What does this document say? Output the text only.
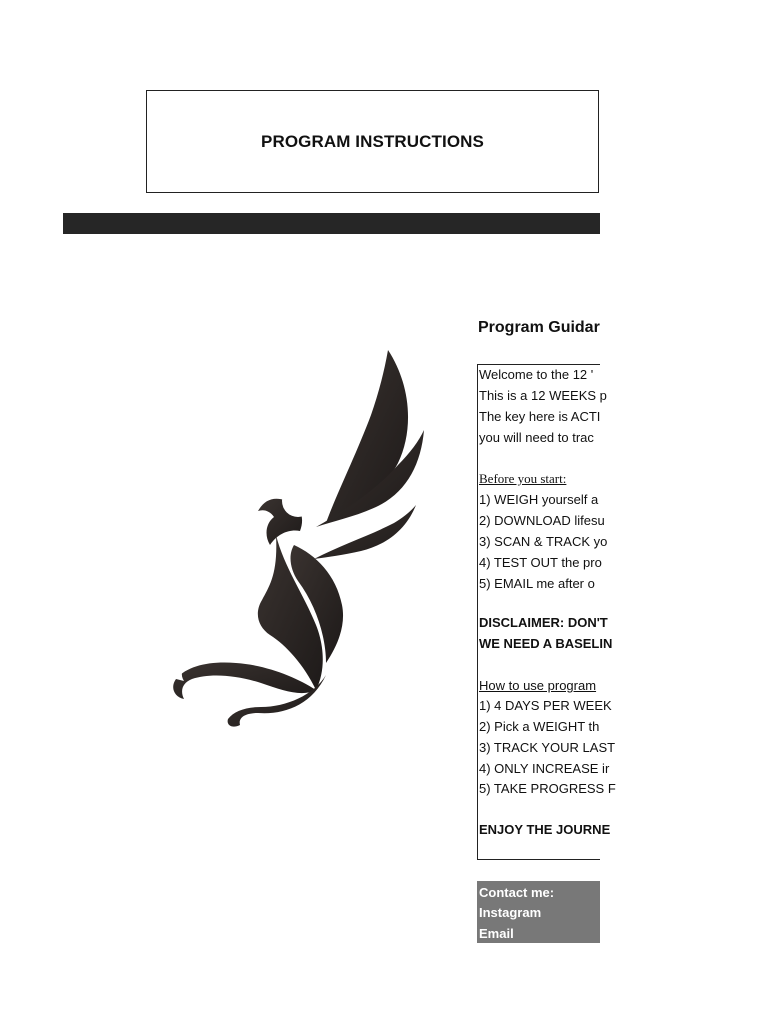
PROGRAM INSTRUCTIONS
Program Guidar
Welcome to the 12 '
This is a 12 WEEKS p
The key here is ACTI
you will need to trac
Before you start:
1) WEIGH yourself a
2) DOWNLOAD lifesu
3) SCAN & TRACK yo
4) TEST OUT the pro
5) EMAIL me after o
DISCLAIMER: DON'T
WE NEED A BASELIN
How to use program
1) 4 DAYS PER WEEK
2) Pick a WEIGHT th
3) TRACK YOUR LAST
4) ONLY INCREASE ir
5) TAKE PROGRESS F
ENJOY THE JOURNE
Contact me:
Instagram
Email
